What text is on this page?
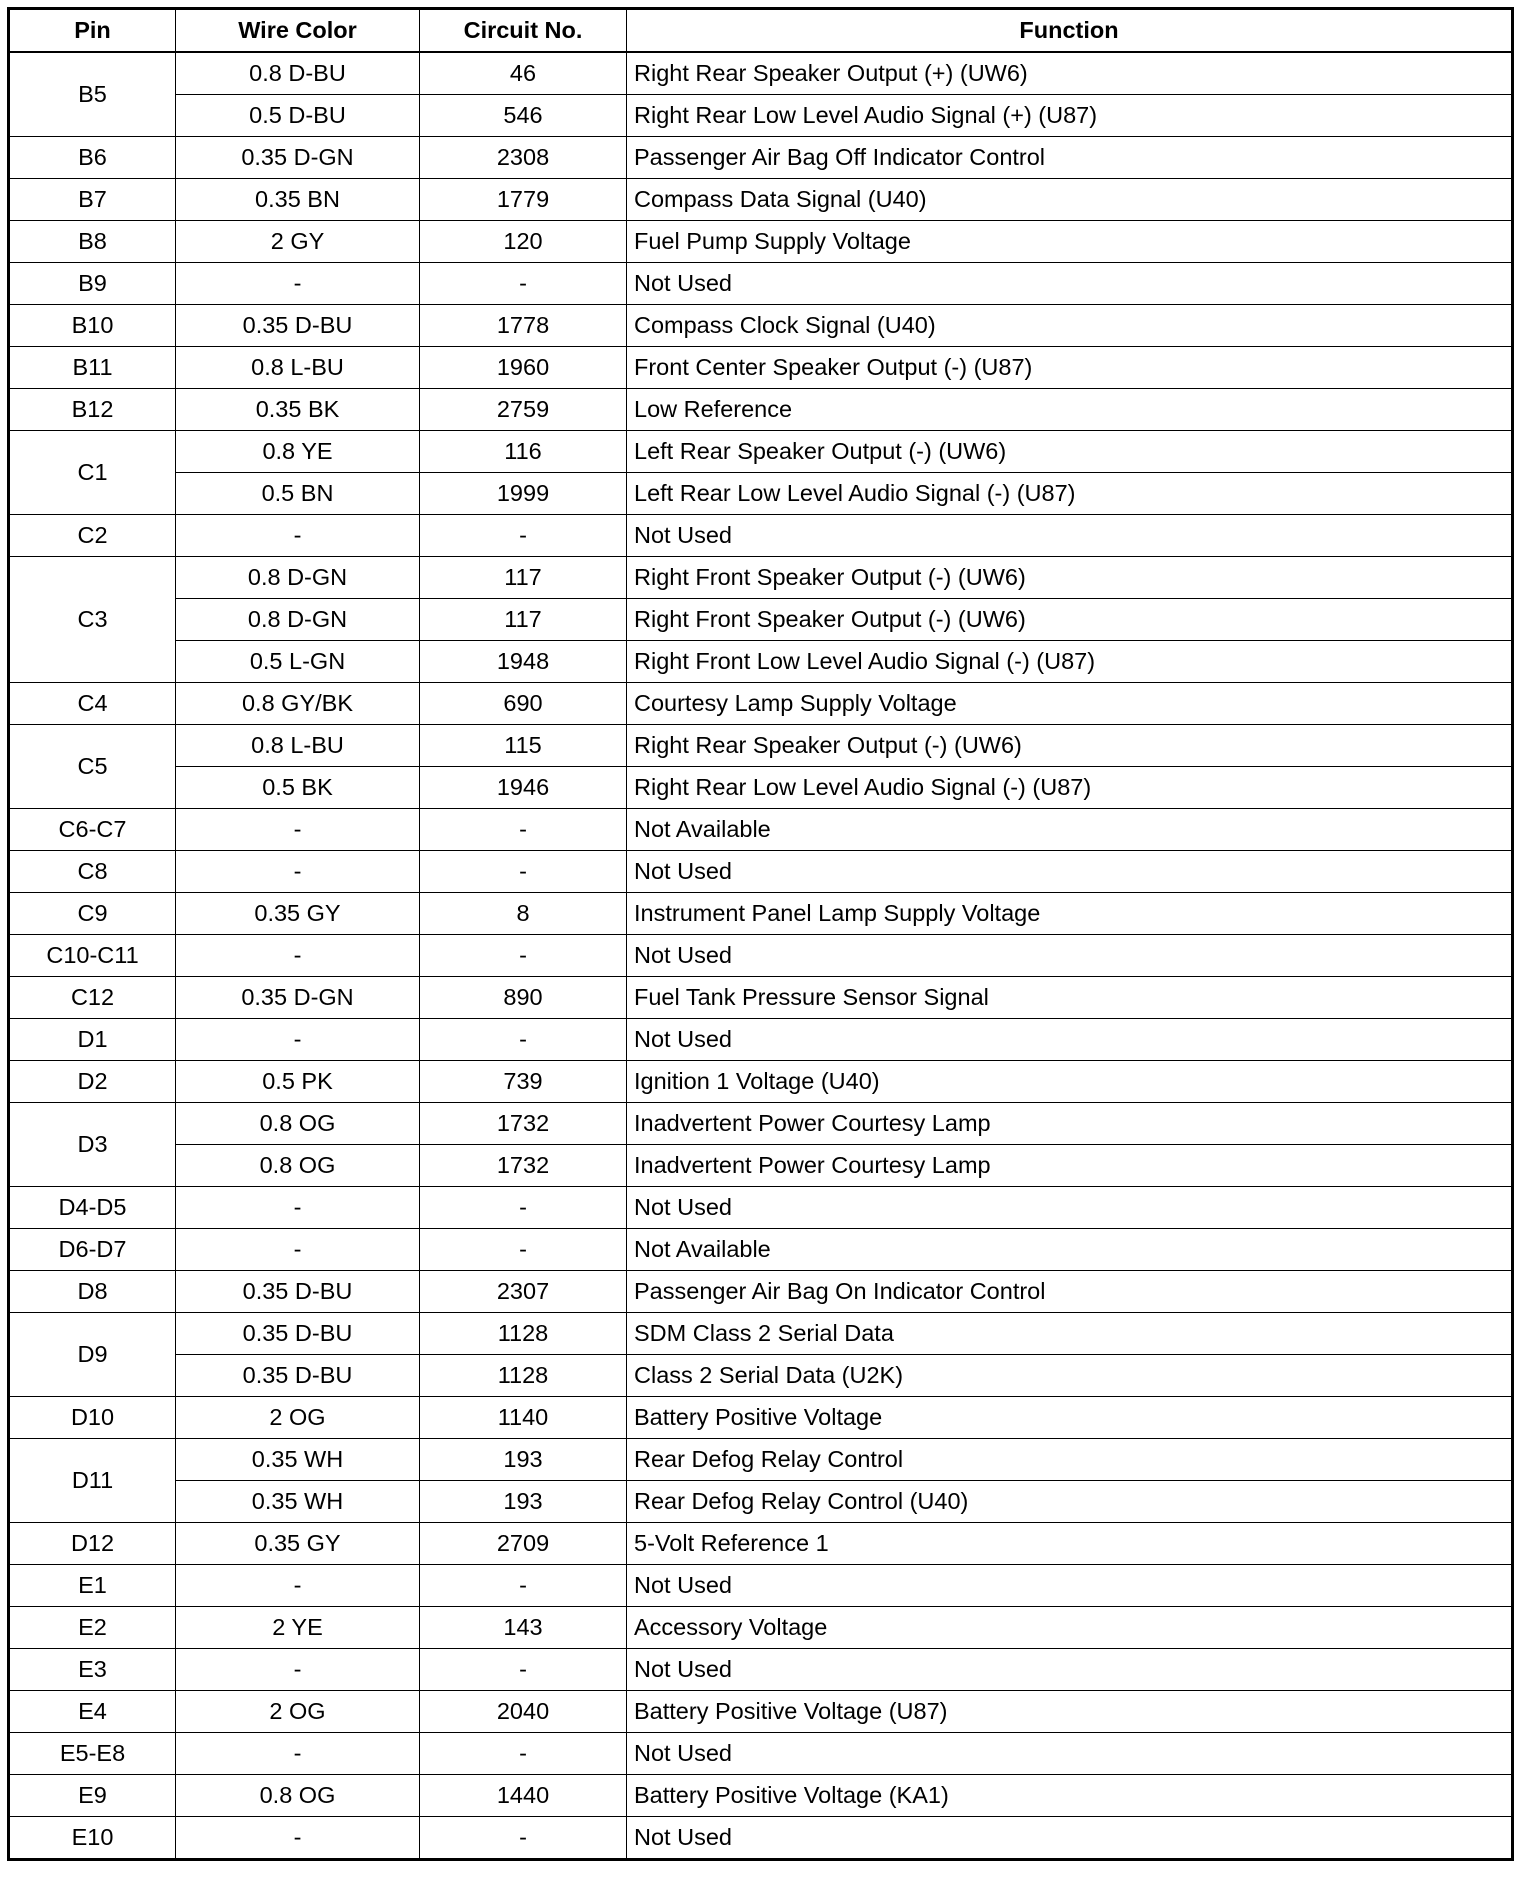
Pin	Wire Color	Circuit No.	Function
B5	0.8 D-BU	46	Right Rear Speaker Output (+) (UW6)
	0.5 D-BU	546	Right Rear Low Level Audio Signal (+) (U87)
B6	0.35 D-GN	2308	Passenger Air Bag Off Indicator Control
B7	0.35 BN	1779	Compass Data Signal (U40)
B8	2 GY	120	Fuel Pump Supply Voltage
B9	-	-	Not Used
B10	0.35 D-BU	1778	Compass Clock Signal (U40)
B11	0.8 L-BU	1960	Front Center Speaker Output (-) (U87)
B12	0.35 BK	2759	Low Reference
C1	0.8 YE	116	Left Rear Speaker Output (-) (UW6)
	0.5 BN	1999	Left Rear Low Level Audio Signal (-) (U87)
C2	-	-	Not Used
C3	0.8 D-GN	117	Right Front Speaker Output (-) (UW6)
	0.8 D-GN	117	Right Front Speaker Output (-) (UW6)
	0.5 L-GN	1948	Right Front Low Level Audio Signal (-) (U87)
C4	0.8 GY/BK	690	Courtesy Lamp Supply Voltage
C5	0.8 L-BU	115	Right Rear Speaker Output (-) (UW6)
	0.5 BK	1946	Right Rear Low Level Audio Signal (-) (U87)
C6-C7	-	-	Not Available
C8	-	-	Not Used
C9	0.35 GY	8	Instrument Panel Lamp Supply Voltage
C10-C11	-	-	Not Used
C12	0.35 D-GN	890	Fuel Tank Pressure Sensor Signal
D1	-	-	Not Used
D2	0.5 PK	739	Ignition 1 Voltage (U40)
D3	0.8 OG	1732	Inadvertent Power Courtesy Lamp
	0.8 OG	1732	Inadvertent Power Courtesy Lamp
D4-D5	-	-	Not Used
D6-D7	-	-	Not Available
D8	0.35 D-BU	2307	Passenger Air Bag On Indicator Control
D9	0.35 D-BU	1128	SDM Class 2 Serial Data
	0.35 D-BU	1128	Class 2 Serial Data (U2K)
D10	2 OG	1140	Battery Positive Voltage
D11	0.35 WH	193	Rear Defog Relay Control
	0.35 WH	193	Rear Defog Relay Control (U40)
D12	0.35 GY	2709	5-Volt Reference 1
E1	-	-	Not Used
E2	2 YE	143	Accessory Voltage
E3	-	-	Not Used
E4	2 OG	2040	Battery Positive Voltage (U87)
E5-E8	-	-	Not Used
E9	0.8 OG	1440	Battery Positive Voltage (KA1)
E10	-	-	Not Used
